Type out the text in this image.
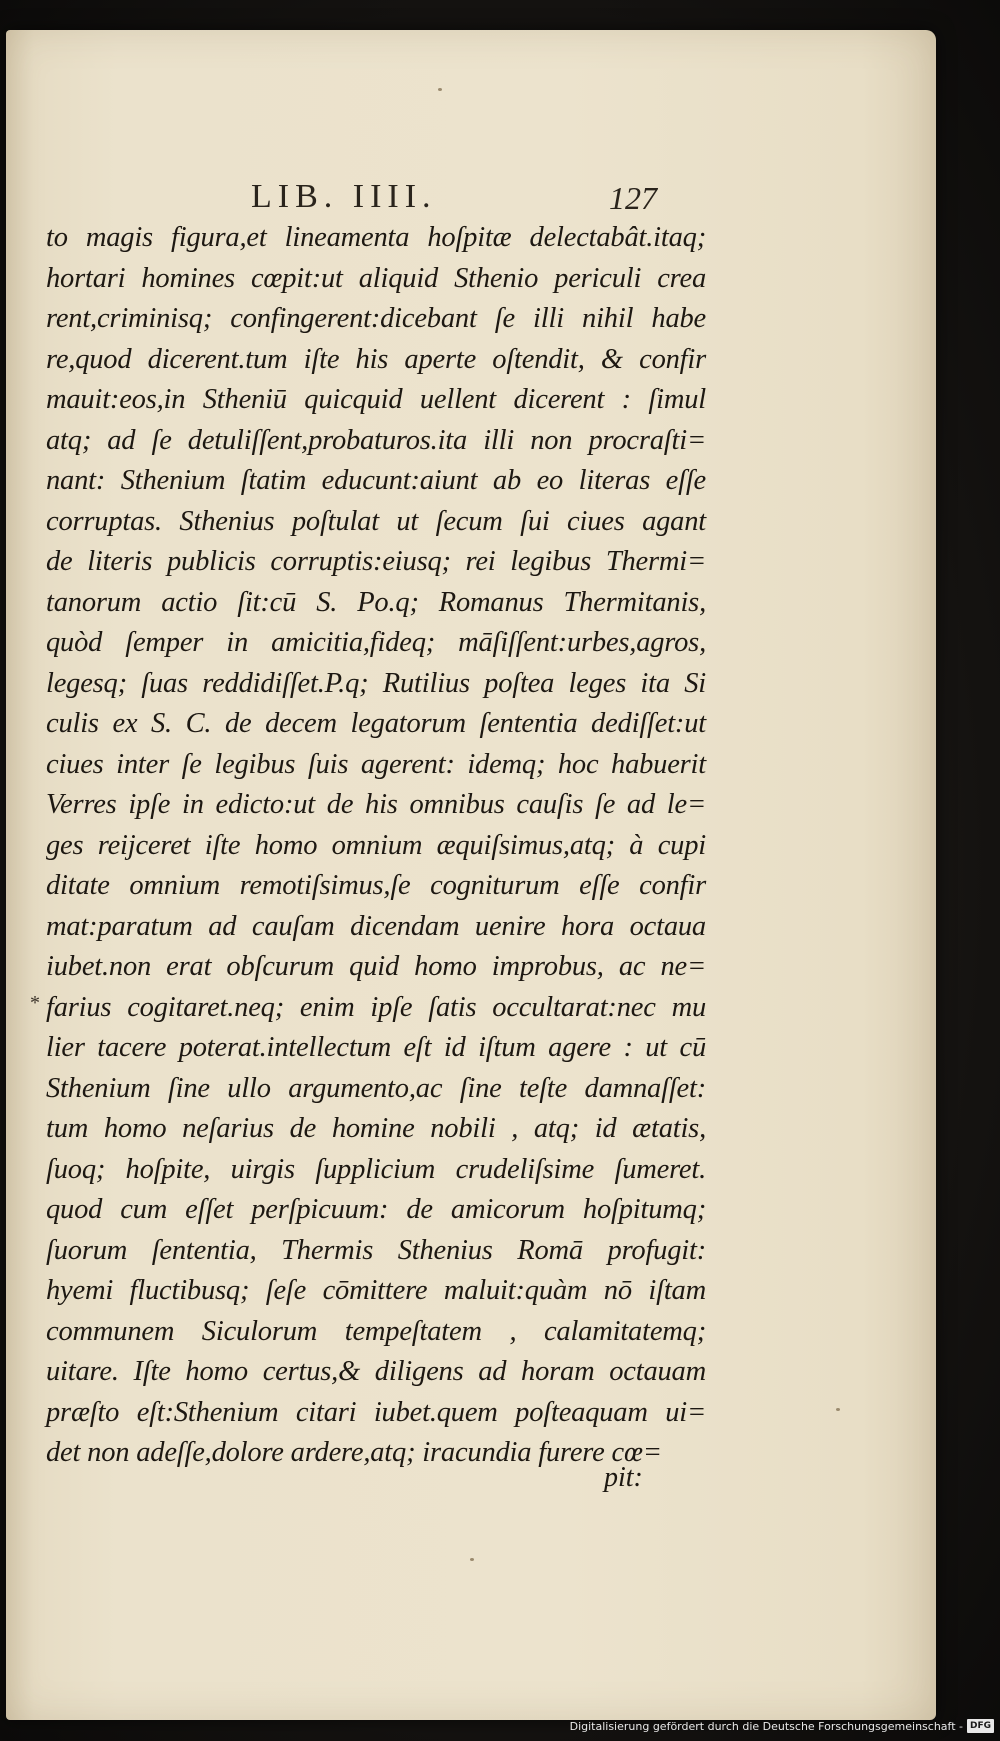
LIB. IIII.	127
*
to magis figura,et lineamenta hoſpitæ delectabât.itaq;
hortari homines cœpit:ut aliquid Sthenio periculi crea
rent,criminisq; confingerent:dicebant ſe illi nihil habe
re,quod dicerent.tum iſte his aperte oſtendit, & confir
mauit:eos,in Stheniū quicquid uellent dicerent : ſimul
atq; ad ſe detuliſſent,probaturos.ita illi non procraſti=
nant: Sthenium ſtatim educunt:aiunt ab eo literas eſſe
corruptas. Sthenius poſtulat ut ſecum ſui ciues agant
de literis publicis corruptis:eiusq; rei legibus Thermi=
tanorum actio ſit:cū S. Po.q; Romanus Thermitanis,
quòd ſemper in amicitia,fideq; māſiſſent:urbes,agros,
legesq; ſuas reddidiſſet.P.q; Rutilius poſtea leges ita Si
culis ex S. C. de decem legatorum ſententia dediſſet:ut
ciues inter ſe legibus ſuis agerent: idemq; hoc habuerit
Verres ipſe in edicto:ut de his omnibus cauſis ſe ad le=
ges reijceret iſte homo omnium æquiſsimus,atq; à cupi
ditate omnium remotiſsimus,ſe cogniturum eſſe confir
mat:paratum ad cauſam dicendam uenire hora octaua
iubet.non erat obſcurum quid homo improbus, ac ne=
farius cogitaret.neq; enim ipſe ſatis occultarat:nec mu
lier tacere poterat.intellectum eſt id iſtum agere : ut cū
Sthenium ſine ullo argumento,ac ſine teſte damnaſſet:
tum homo neſarius de homine nobili , atq; id ætatis,
ſuoq; hoſpite, uirgis ſupplicium crudeliſsime ſumeret.
quod cum eſſet perſpicuum: de amicorum hoſpitumq;
ſuorum ſententia, Thermis Sthenius Romā profugit:
hyemi fluctibusq; ſeſe cōmittere maluit:quàm nō iſtam
communem Siculorum tempeſtatem , calamitatemq;
uitare. Iſte homo certus,& diligens ad horam octauam
præſto eſt:Sthenium citari iubet.quem poſteaquam ui=
det non adeſſe,dolore ardere,atq; iracundia furere cœ=
pit:
Digitalisierung gefördert durch die Deutsche Forschungsgemeinschaft - DFG
